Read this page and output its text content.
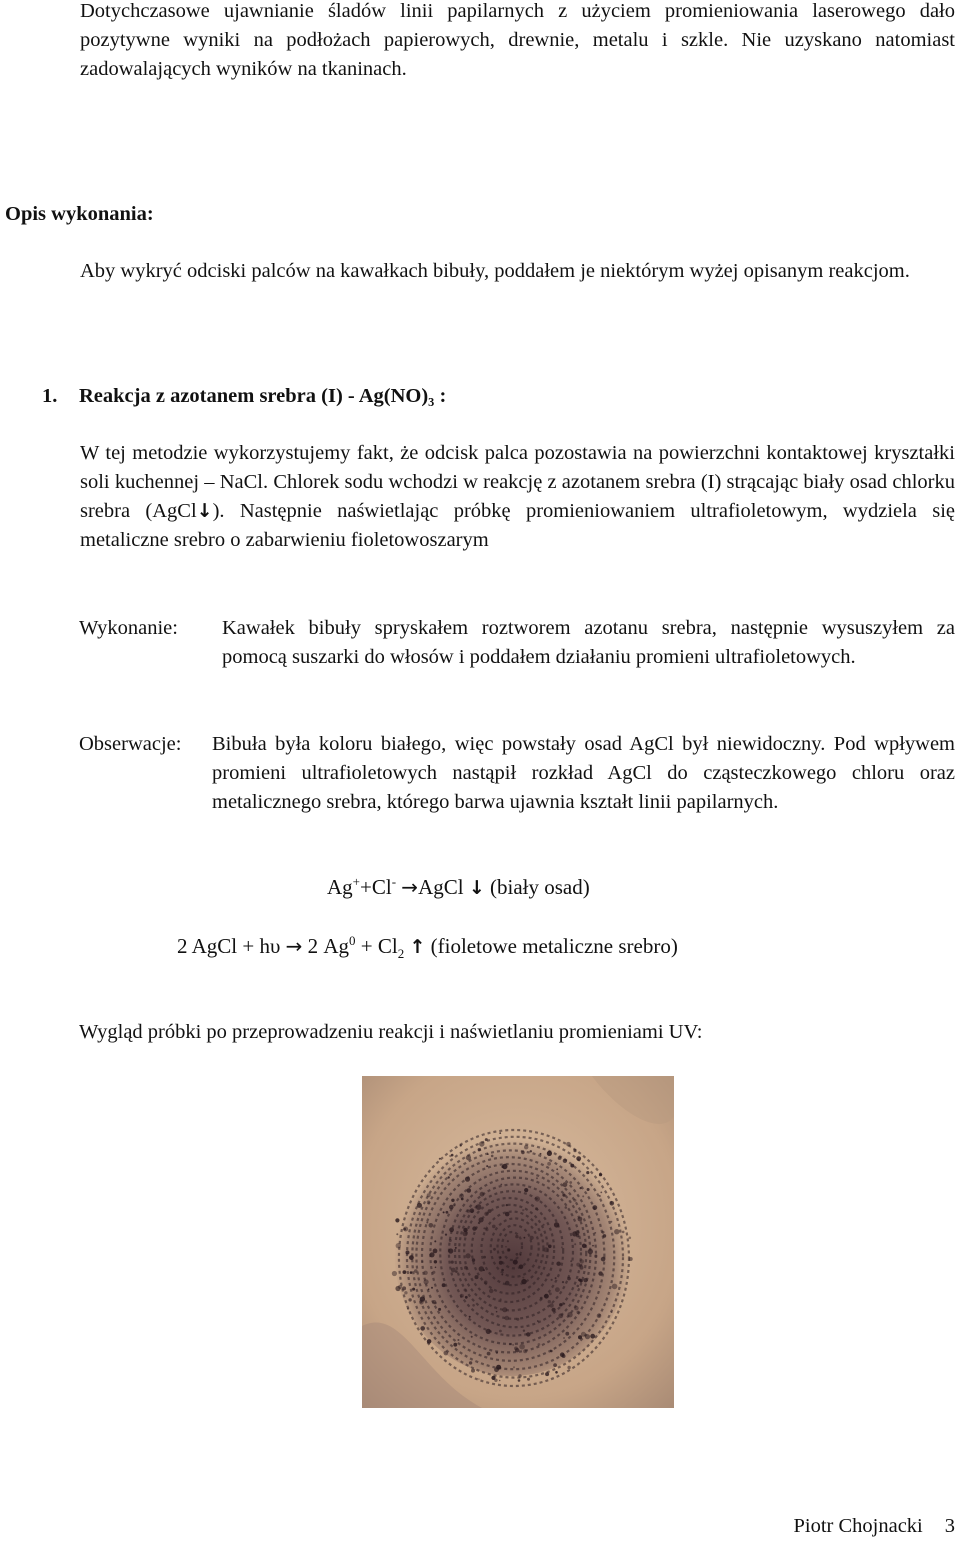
Dotychczasowe ujawnianie śladów linii papilarnych z użyciem promieniowania laserowego dało pozytywne wyniki na podłożach papierowych, drewnie, metalu i szkle. Nie uzyskano natomiast zadowalających wyników na tkaninach.

Opis wykonania:

Aby wykryć odciski palców na kawałkach bibuły, poddałem je niektórym wyżej opisanym reakcjom.

1. Reakcja z azotanem srebra (I) - Ag(NO)₃ :

W tej metodzie wykorzystujemy fakt, że odcisk palca pozostawia na powierzchni kontaktowej kryształki soli kuchennej – NaCl. Chlorek sodu wchodzi w reakcję z azotanem srebra (I) strącając biały osad chlorku srebra (AgCl↓). Następnie naświetlając próbkę promieniowaniem ultrafioletowym, wydziela się metaliczne srebro o zabarwieniu fioletowoszarym

Wykonanie:	Kawałek bibuły spryskałem roztworem azotanu srebra, następnie wysuszyłem za pomocą suszarki do włosów i poddałem działaniu promieni ultrafioletowych.
Obserwacje:	Bibuła była koloru białego, więc powstały osad AgCl był niewidoczny. Pod wpływem promieni ultrafioletowych nastąpił rozkład AgCl do cząsteczkowego chloru oraz metalicznego srebra, którego barwa ujawnia kształt linii papilarnych.
Ag++Cl- →AgCl ↓ (biały osad)
2 AgCl + hυ → 2 $Ag^0 + Cl_2$ ↑ (fioletowe metaliczne srebro)
Wygląd próbki po przeprowadzeniu reakcji i naświetlaniu promieniami UV:
Piotr Chojnacki 3
